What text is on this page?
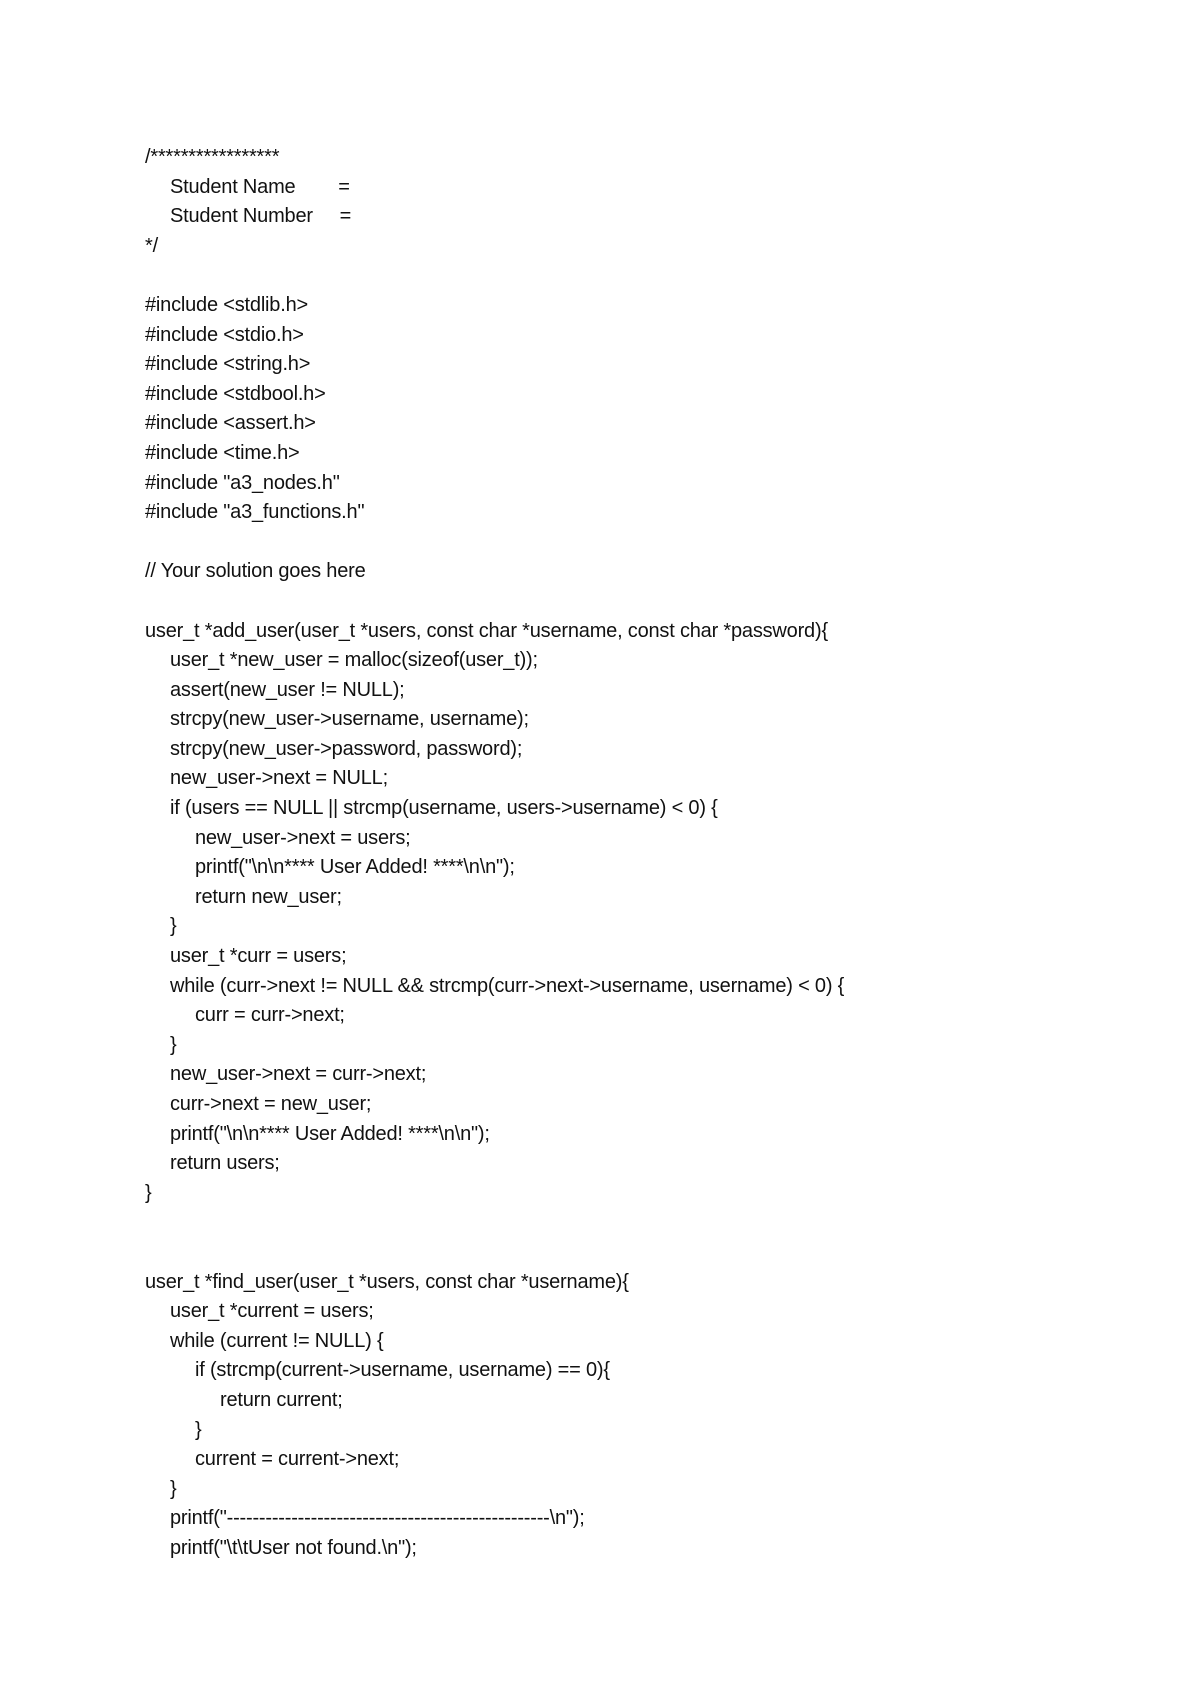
/*****************
Student Name        =
Student Number     =
*/
#include <stdlib.h>
#include <stdio.h>
#include <string.h>
#include <stdbool.h>
#include <assert.h>
#include <time.h>
#include "a3_nodes.h"
#include "a3_functions.h"
// Your solution goes here
user_t *add_user(user_t *users, const char *username, const char *password){
user_t *new_user = malloc(sizeof(user_t));
assert(new_user != NULL);
strcpy(new_user->username, username);
strcpy(new_user->password, password);
new_user->next = NULL;
if (users == NULL || strcmp(username, users->username) < 0) {
new_user->next = users;
printf("\n\n**** User Added! ****\n\n");
return new_user;
}
user_t *curr = users;
while (curr->next != NULL && strcmp(curr->next->username, username) < 0) {
curr = curr->next;
}
new_user->next = curr->next;
curr->next = new_user;
printf("\n\n**** User Added! ****\n\n");
return users;
}
user_t *find_user(user_t *users, const char *username){
user_t *current = users;
while (current != NULL) {
if (strcmp(current->username, username) == 0){
return current;
}
current = current->next;
}
printf("--------------------------------------------------\n");
printf("\t\tUser not found.\n");
